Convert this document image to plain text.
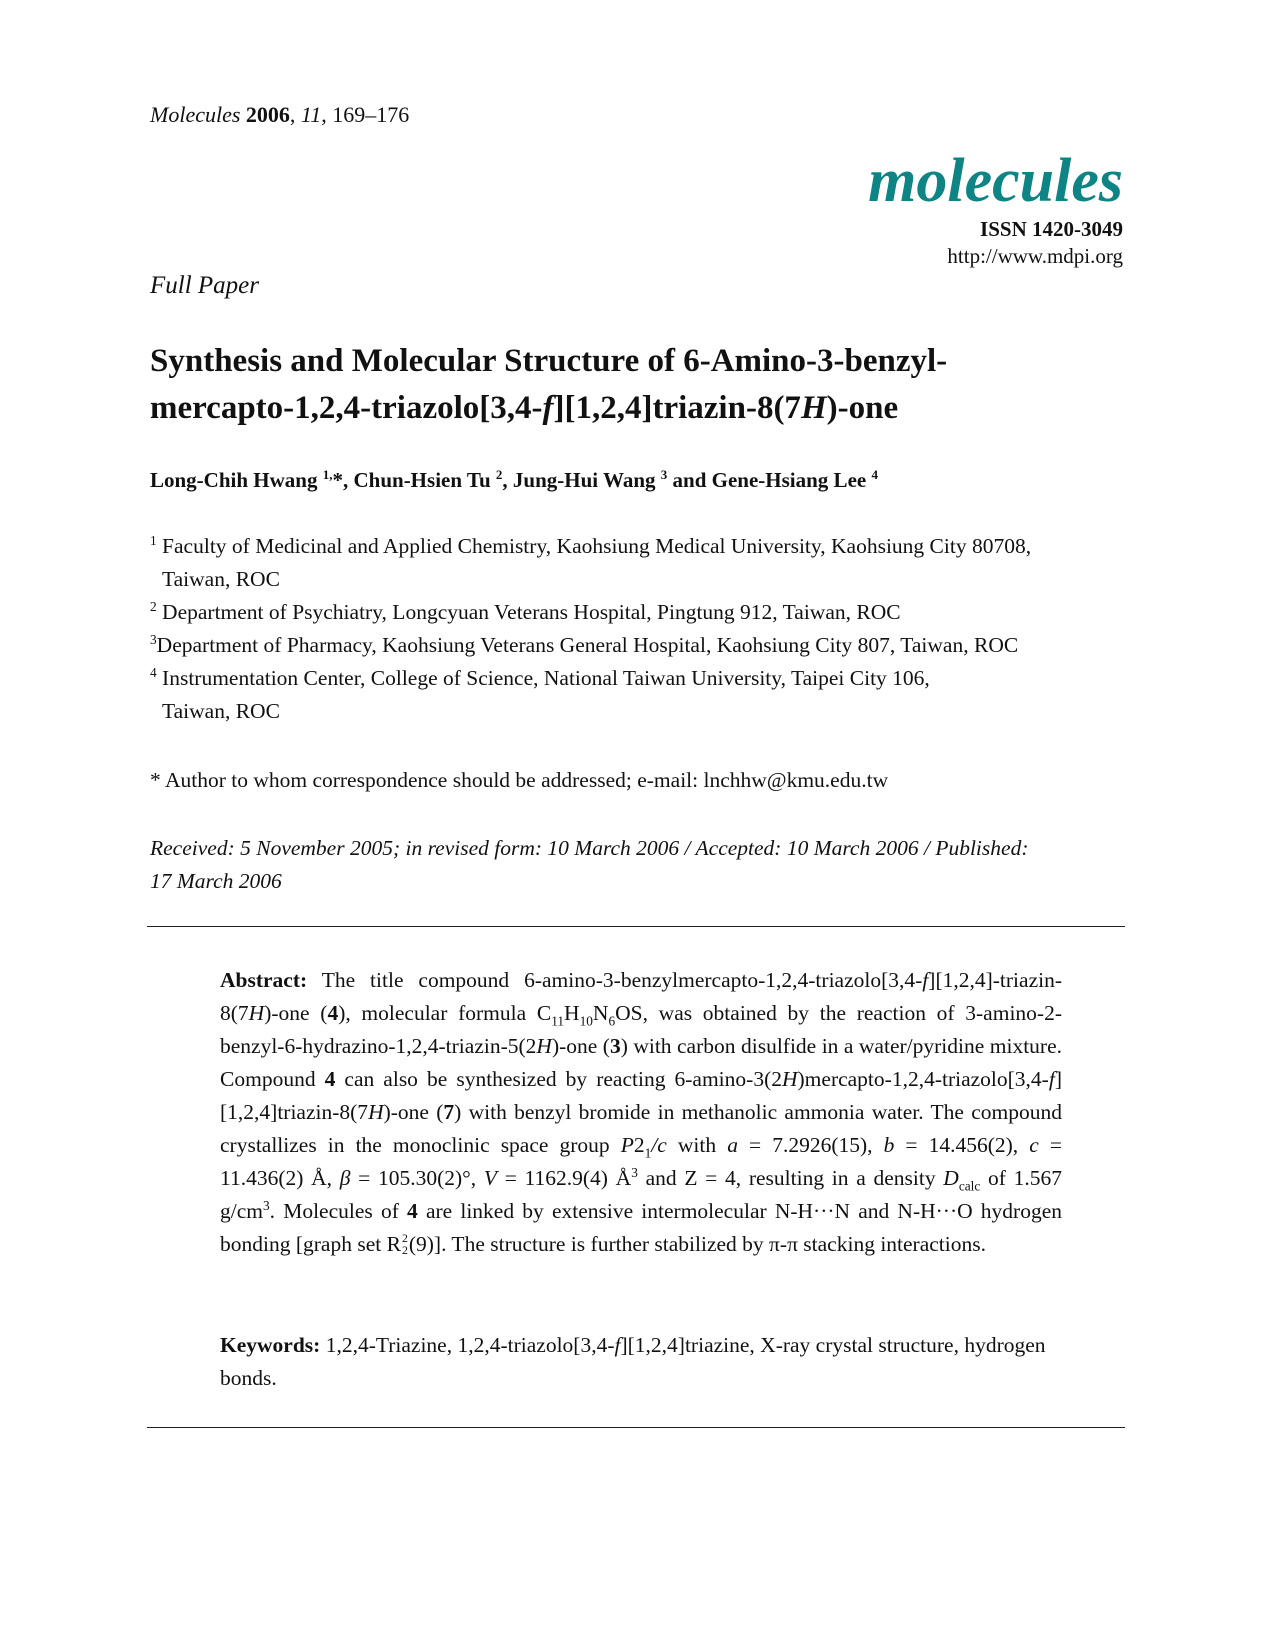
Molecules 2006, 11, 169–176
molecules
ISSN 1420-3049
http://www.mdpi.org
Full Paper
Synthesis and Molecular Structure of 6-Amino-3-benzyl-
mercapto-1,2,4-triazolo[3,4-f][1,2,4]triazin-8(7H)-one
Long-Chih Hwang $^{1,}$*, Chun-Hsien Tu $^2$, Jung-Hui Wang $^3$ and Gene-Hsiang Lee $^4$
$^1$ Faculty of Medicinal and Applied Chemistry, Kaohsiung Medical University, Kaohsiung City 80708,
Taiwan, ROC
$^2$ Department of Psychiatry, Longcyuan Veterans Hospital, Pingtung 912, Taiwan, ROC
$^3$Department of Pharmacy, Kaohsiung Veterans General Hospital, Kaohsiung City 807, Taiwan, ROC
$^4$ Instrumentation Center, College of Science, National Taiwan University, Taipei City 106,
Taiwan, ROC
* Author to whom correspondence should be addressed; e-mail: lnchhw@kmu.edu.tw
Received: 5 November 2005; in revised form: 10 March 2006 / Accepted: 10 March 2006 / Published:
17 March 2006
Abstract: The title compound 6-amino-3-benzylmercapto-1,2,4-triazolo[3,4-f][1,2,4]-triazin-8(7H)-one (4), molecular formula $C_{11}H_{10}N_6OS$, was obtained by the reaction of 3-amino-2-benzyl-6-hydrazino-1,2,4-triazin-5(2H)-one (3) with carbon disulfide in a water/pyridine mixture. Compound 4 can also be synthesized by reacting 6-amino-3(2H)mercapto-1,2,4-triazolo[3,4-f][1,2,4]triazin-8(7H)-one (7) with benzyl bromide in methanolic ammonia water. The compound crystallizes in the monoclinic space group $P2_1/c$ with a = 7.2926(15), b = 14.456(2), c = 11.436(2) Å, β = 105.30(2)°, V = 1162.9(4) $Å^3$ and Z = 4, resulting in a density $D_{calc}$ of 1.567 $g/cm^3$. Molecules of 4 are linked by extensive intermolecular N-H···N and N-H···O hydrogen bonding [graph set R 2
2 (9)]. The structure is further stabilized by π-π stacking interactions.
Keywords: 1,2,4-Triazine, 1,2,4-triazolo[3,4-f][1,2,4]triazine, X-ray crystal structure, hydrogen bonds.
